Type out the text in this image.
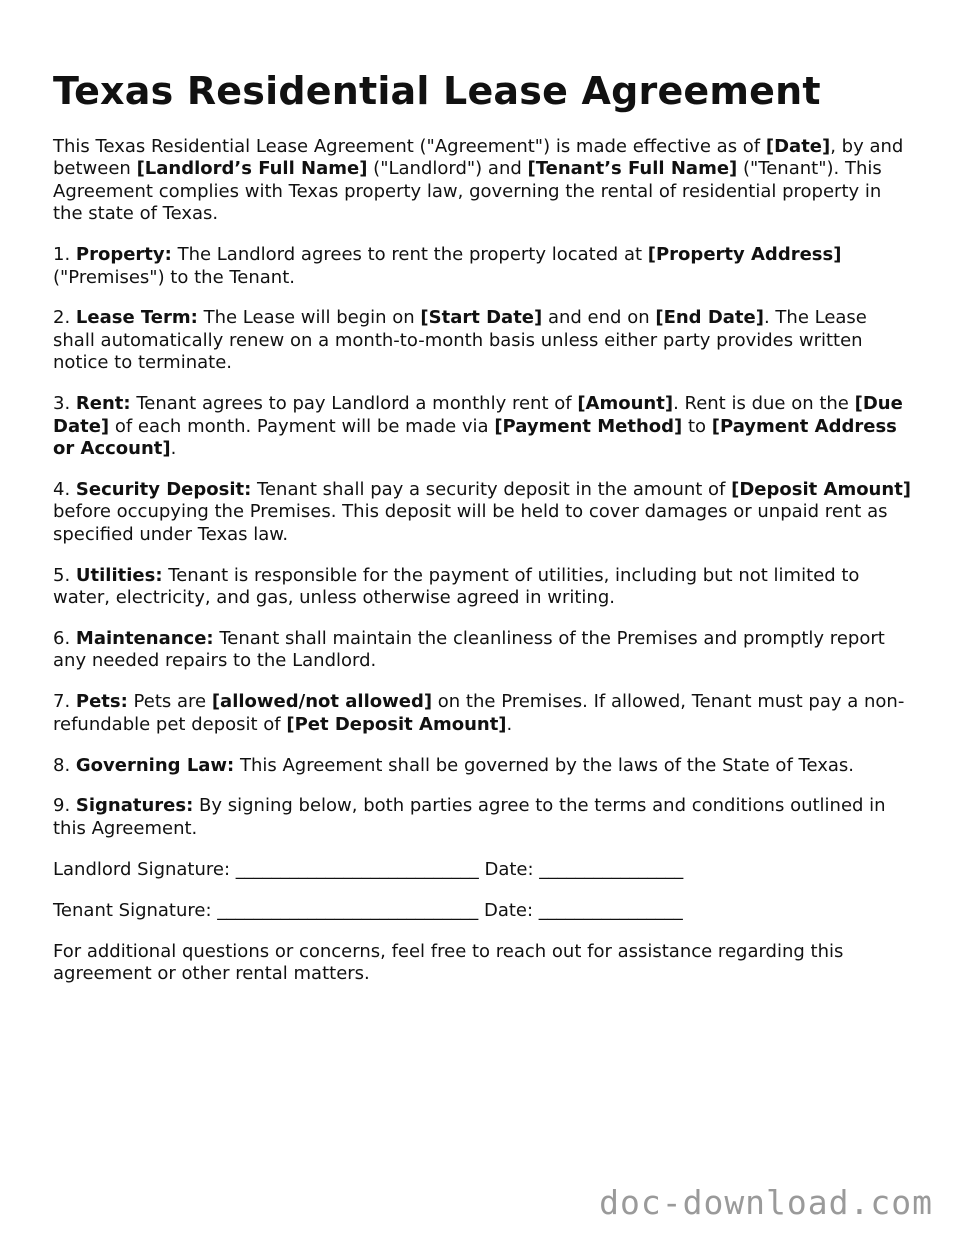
Texas Residential Lease Agreement

This Texas Residential Lease Agreement ("Agreement") is made effective as of [Date], by and between [Landlord’s Full Name] ("Landlord") and [Tenant’s Full Name] ("Tenant"). This Agreement complies with Texas property law, governing the rental of residential property in the state of Texas.

1. Property: The Landlord agrees to rent the property located at [Property Address] ("Premises") to the Tenant.

2. Lease Term: The Lease will begin on [Start Date] and end on [End Date]. The Lease shall automatically renew on a month-to-month basis unless either party provides written notice to terminate.

3. Rent: Tenant agrees to pay Landlord a monthly rent of [Amount]. Rent is due on the [Due Date] of each month. Payment will be made via [Payment Method] to [Payment Address or Account].

4. Security Deposit: Tenant shall pay a security deposit in the amount of [Deposit Amount] before occupying the Premises. This deposit will be held to cover damages or unpaid rent as specified under Texas law.

5. Utilities: Tenant is responsible for the payment of utilities, including but not limited to water, electricity, and gas, unless otherwise agreed in writing.

6. Maintenance: Tenant shall maintain the cleanliness of the Premises and promptly report any needed repairs to the Landlord.

7. Pets: Pets are [allowed/not allowed] on the Premises. If allowed, Tenant must pay a non-refundable pet deposit of [Pet Deposit Amount].

8. Governing Law: This Agreement shall be governed by the laws of the State of Texas.

9. Signatures: By signing below, both parties agree to the terms and conditions outlined in this Agreement.

Landlord Signature: ___________________________ Date: ________________

Tenant Signature: _____________________________ Date: ________________

For additional questions or concerns, feel free to reach out for assistance regarding this agreement or other rental matters.

doc-download.com
